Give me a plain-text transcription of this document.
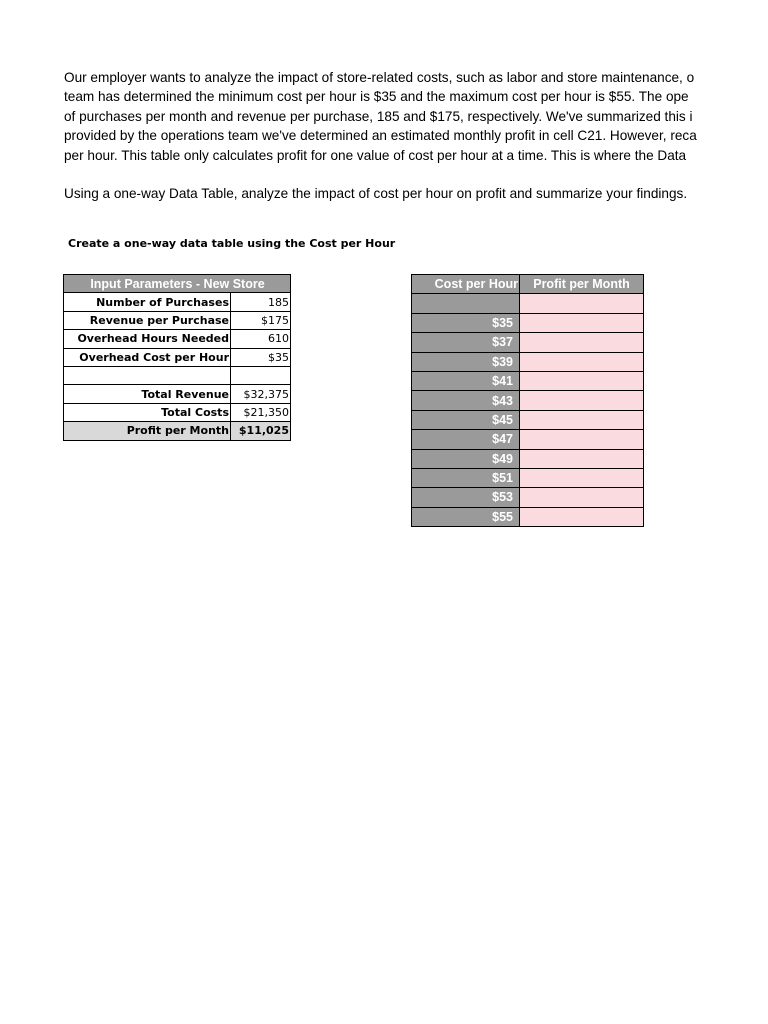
Our employer wants to analyze the impact of store-related costs, such as labor and store maintenance, o
team has determined the minimum cost per hour is $35 and the maximum cost per hour is $55. The ope
of purchases per month and revenue per purchase, 185 and $175, respectively. We've summarized this i
provided by the operations team we've determined an estimated monthly profit in cell C21. However, reca
per hour. This table only calculates profit for one value of cost per hour at a time. This is where the Data
Using a one-way Data Table, analyze the impact of cost per hour on profit and summarize your findings.
Create a one-way data table using the Cost per Hour
Input Parameters - New Store	
Number of Purchases	185
Revenue per Purchase	$175
Overhead Hours Needed	610
Overhead Cost per Hour	$35

Total Revenue	$32,375
Total Costs	$21,350
Profit per Month	$11,025
Cost per Hour	Profit per Month

$35	
$37	
$39	
$41	
$43	
$45	
$47	
$49	
$51	
$53	
$55	
